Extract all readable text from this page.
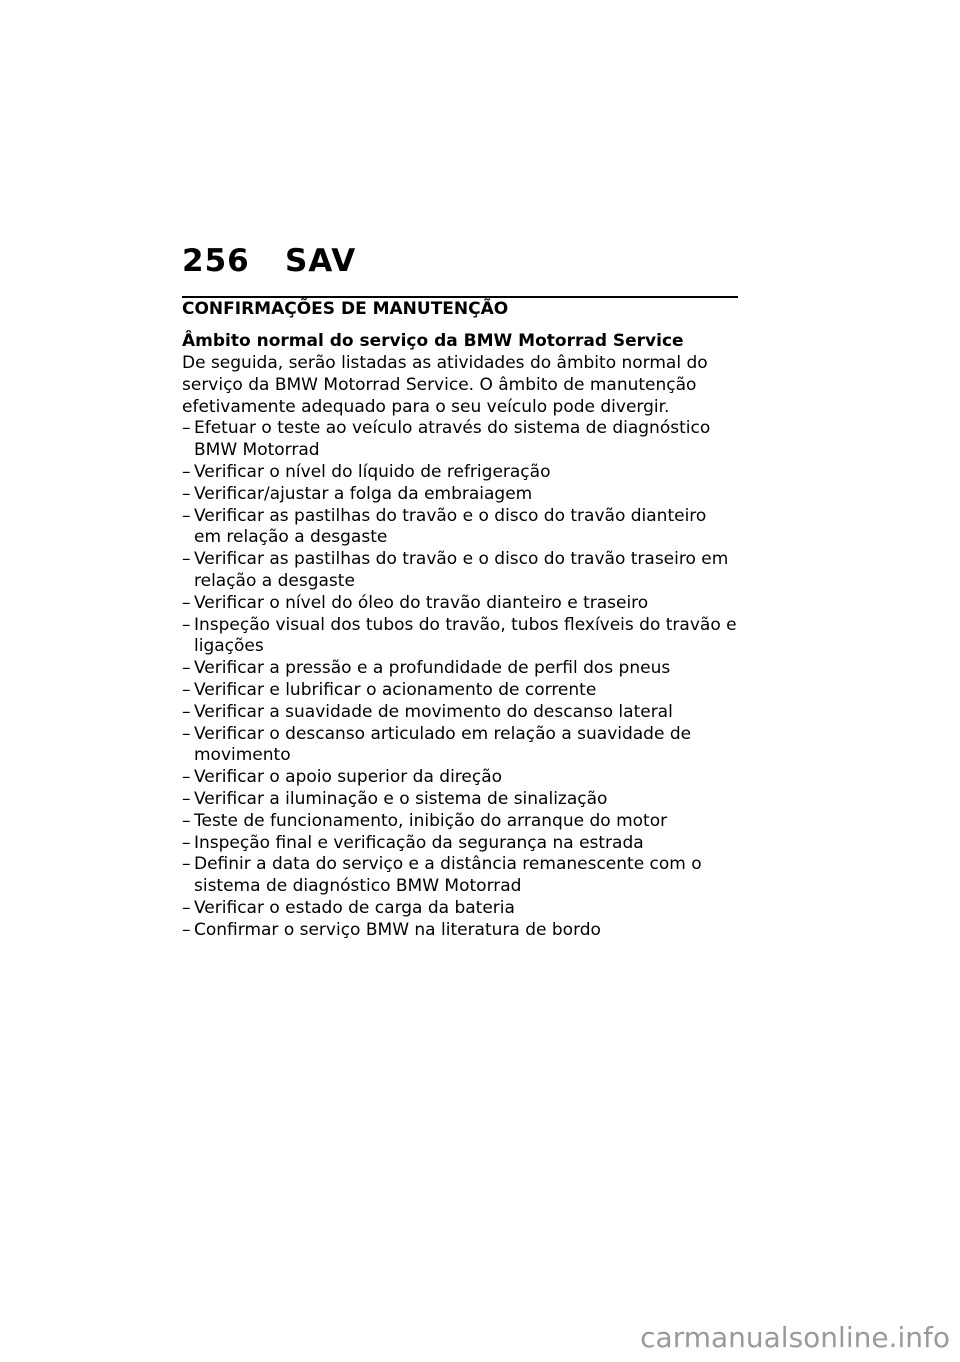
256 SAV
CONFIRMAÇÕES DE MANUTENÇÃO
Âmbito normal do serviço da BMW Motorrad Service

De seguida, serão listadas as atividades do âmbito normal do serviço da BMW Motorrad Service. O âmbito de manutenção efetivamente adequado para o seu veículo pode divergir.

– Efetuar o teste ao veículo através do sistema de diagnóstico BMW Motorrad
– Verificar o nível do líquido de refrigeração
– Verificar/ajustar a folga da embraiagem
– Verificar as pastilhas do travão e o disco do travão dianteiro em relação a desgaste
– Verificar as pastilhas do travão e o disco do travão traseiro em relação a desgaste
– Verificar o nível do óleo do travão dianteiro e traseiro
– Inspeção visual dos tubos do travão, tubos flexíveis do travão e ligações
– Verificar a pressão e a profundidade de perfil dos pneus
– Verificar e lubrificar o acionamento de corrente
– Verificar a suavidade de movimento do descanso lateral
– Verificar o descanso articulado em relação a suavidade de movimento
– Verificar o apoio superior da direção
– Verificar a iluminação e o sistema de sinalização
– Teste de funcionamento, inibição do arranque do motor
– Inspeção final e verificação da segurança na estrada
– Definir a data do serviço e a distância remanescente com o sistema de diagnóstico BMW Motorrad
– Verificar o estado de carga da bateria
– Confirmar o serviço BMW na literatura de bordo
carmanualsonline.info
